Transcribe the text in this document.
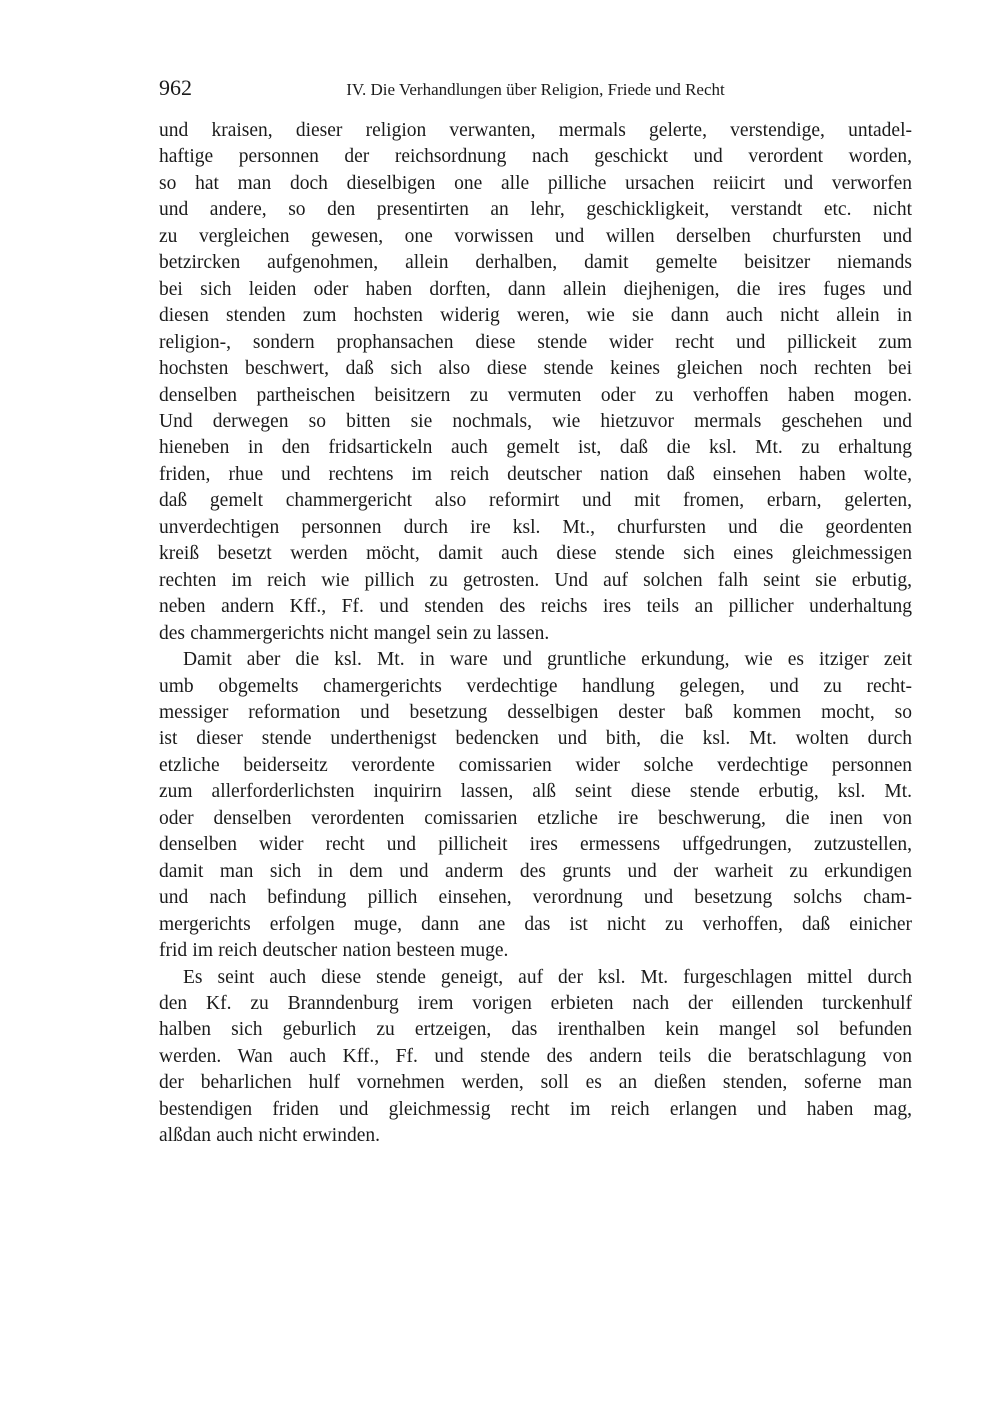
962	IV. Die Verhandlungen über Religion, Friede und Recht
und kraisen, dieser religion verwanten, mermals gelerte, verstendige, untadel-
haftige personnen der reichsordnung nach geschickt und verordent worden,
so hat man doch dieselbigen one alle pilliche ursachen reiicirt und verworfen
und andere, so den presentirten an lehr, geschickligkeit, verstandt etc. nicht
zu vergleichen gewesen, one vorwissen und willen derselben churfursten und
betzircken aufgenohmen, allein derhalben, damit gemelte beisitzer niemands
bei sich leiden oder haben dorften, dann allein diejhenigen, die ires fuges und
diesen stenden zum hochsten widerig weren, wie sie dann auch nicht allein in
religion-, sondern prophansachen diese stende wider recht und pillickeit zum
hochsten beschwert, daß sich also diese stende keines gleichen noch rechten bei
denselben partheischen beisitzern zu vermuten oder zu verhoffen haben mogen.
Und derwegen so bitten sie nochmals, wie hietzuvor mermals geschehen und
hieneben in den fridsartickeln auch gemelt ist, daß die ksl. Mt. zu erhaltung
friden, rhue und rechtens im reich deutscher nation daß einsehen haben wolte,
daß gemelt chammergericht also reformirt und mit fromen, erbarn, gelerten,
unverdechtigen personnen durch ire ksl. Mt., churfursten und die geordenten
kreiß besetzt werden möcht, damit auch diese stende sich eines gleichmessigen
rechten im reich wie pillich zu getrosten. Und auf solchen falh seint sie erbutig,
neben andern Kff., Ff. und stenden des reichs ires teils an pillicher underhaltung
des chammergerichts nicht mangel sein zu lassen.
Damit aber die ksl. Mt. in ware und gruntliche erkundung, wie es itziger zeit
umb obgemelts chamergerichts verdechtige handlung gelegen, und zu recht-
messiger reformation und besetzung desselbigen dester baß kommen mocht, so
ist dieser stende underthenigst bedencken und bith, die ksl. Mt. wolten durch
etzliche beiderseitz verordente comissarien wider solche verdechtige personnen
zum allerforderlichsten inquirirn lassen, alß seint diese stende erbutig, ksl. Mt.
oder denselben verordenten comissarien etzliche ire beschwerung, die inen von
denselben wider recht und pillicheit ires ermessens uffgedrungen, zutzustellen,
damit man sich in dem und anderm des grunts und der warheit zu erkundigen
und nach befindung pillich einsehen, verordnung und besetzung solchs cham-
mergerichts erfolgen muge, dann ane das ist nicht zu verhoffen, daß einicher
frid im reich deutscher nation besteen muge.
Es seint auch diese stende geneigt, auf der ksl. Mt. furgeschlagen mittel durch
den Kf. zu Branndenburg irem vorigen erbieten nach der eillenden turckenhulf
halben sich geburlich zu ertzeigen, das irenthalben kein mangel sol befunden
werden. Wan auch Kff., Ff. und stende des andern teils die beratschlagung von
der beharlichen hulf vornehmen werden, soll es an dießen stenden, soferne man
bestendigen friden und gleichmessig recht im reich erlangen und haben mag,
alßdan auch nicht erwinden.
